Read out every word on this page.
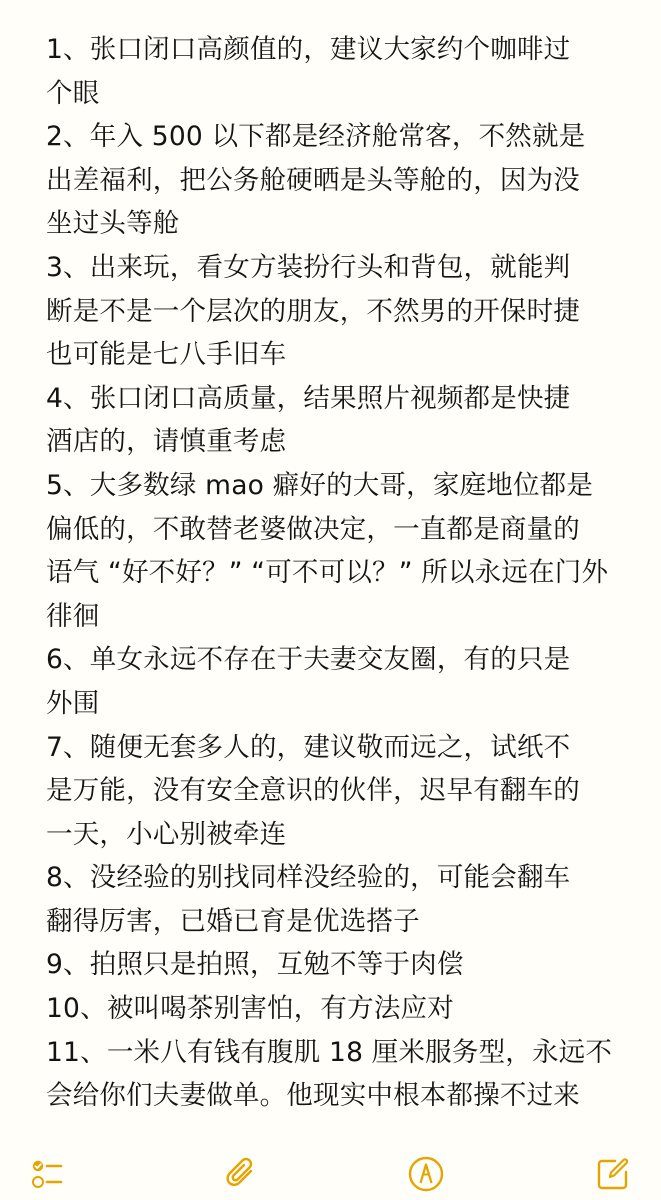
1、张口闭口高颜值的，建议大家约个咖啡过
个眼
2、年入 500 以下都是经济舱常客，不然就是
出差福利，把公务舱硬晒是头等舱的，因为没
坐过头等舱
3、出来玩，看女方装扮行头和背包，就能判
断是不是一个层次的朋友，不然男的开保时捷
也可能是七八手旧车
4、张口闭口高质量，结果照片视频都是快捷
酒店的，请慎重考虑
5、大多数绿 mao 癖好的大哥，家庭地位都是
偏低的，不敢替老婆做决定，一直都是商量的
语气 “好不好？” “可不可以？” 所以永远在门外
徘徊
6、单女永远不存在于夫妻交友圈，有的只是
外围
7、随便无套多人的，建议敬而远之，试纸不
是万能，没有安全意识的伙伴，迟早有翻车的
一天，小心别被牵连
8、没经验的别找同样没经验的，可能会翻车
翻得厉害，已婚已育是优选搭子
9、拍照只是拍照，互勉不等于肉偿
10、被叫喝茶别害怕，有方法应对
11、一米八有钱有腹肌 18 厘米服务型，永远不
会给你们夫妻做单。他现实中根本都操不过来
